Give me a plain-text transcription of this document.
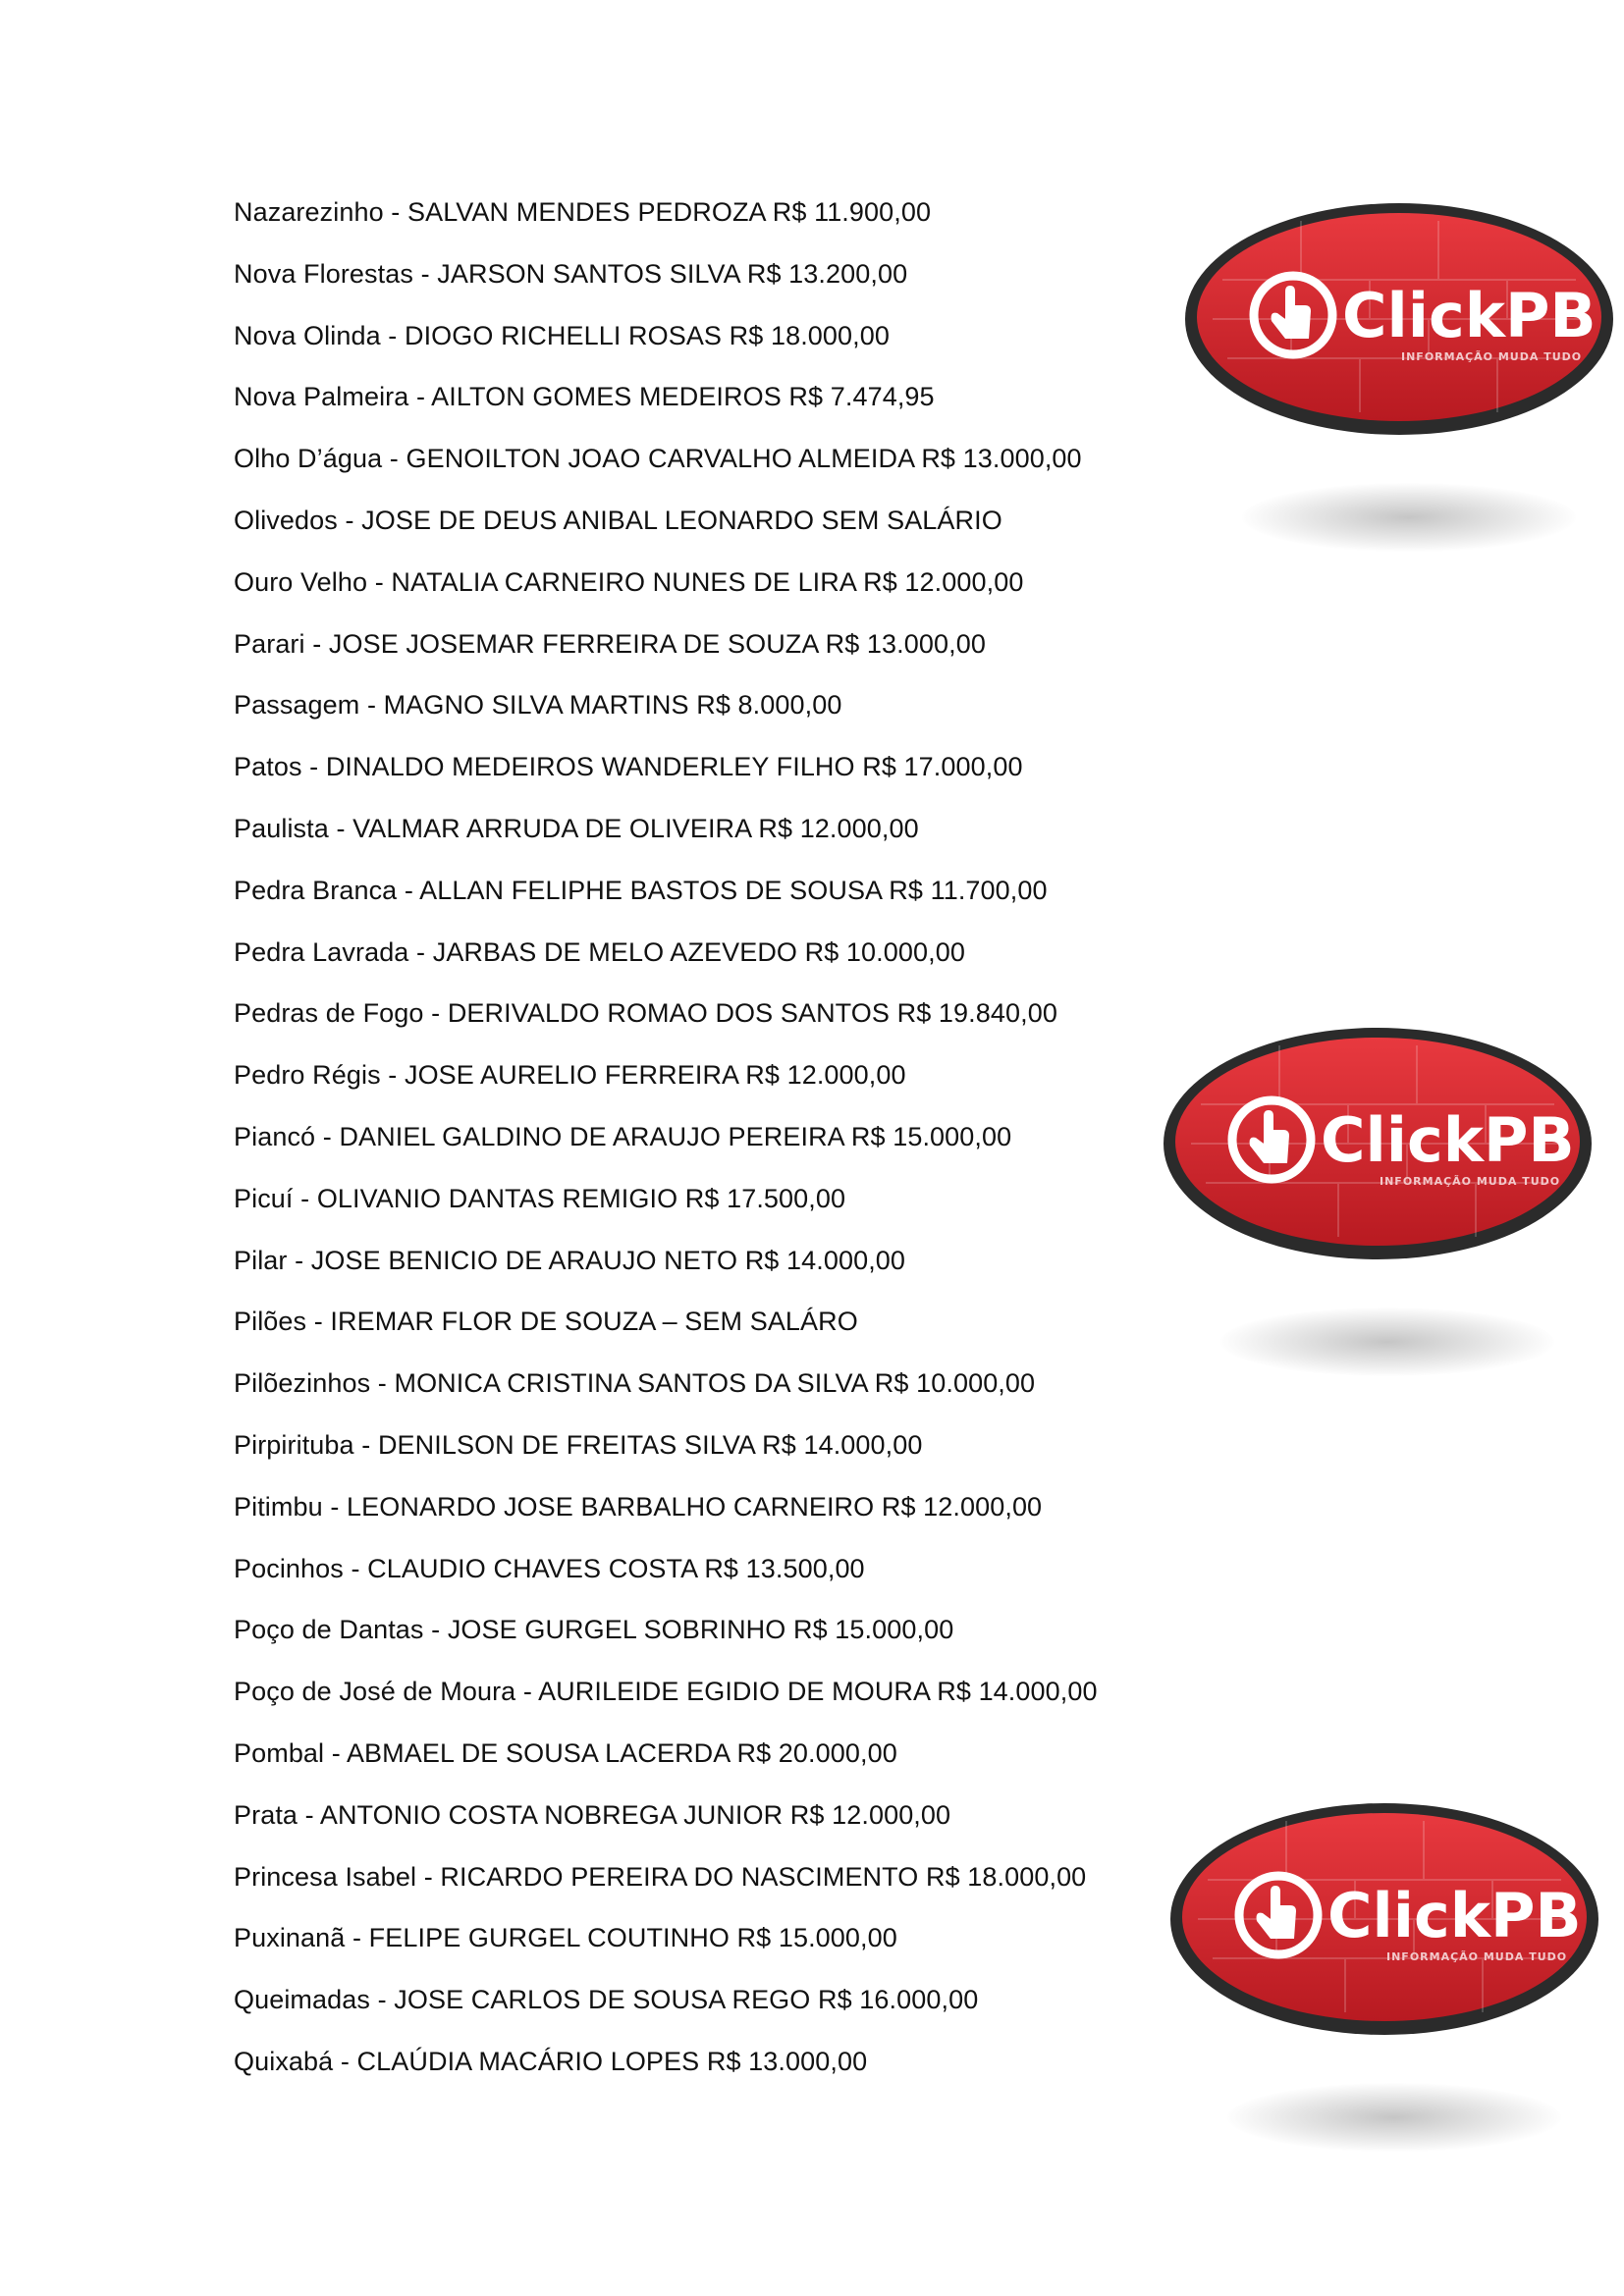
Nazarezinho - SALVAN MENDES PEDROZA R$ 11.900,00
Nova Florestas - JARSON SANTOS SILVA R$ 13.200,00
Nova Olinda - DIOGO RICHELLI ROSAS R$ 18.000,00
Nova Palmeira - AILTON GOMES MEDEIROS R$ 7.474,95
Olho D’água - GENOILTON JOAO CARVALHO ALMEIDA R$ 13.000,00
Olivedos - JOSE DE DEUS ANIBAL LEONARDO SEM SALÁRIO
Ouro Velho - NATALIA CARNEIRO NUNES DE LIRA R$ 12.000,00
Parari - JOSE JOSEMAR FERREIRA DE SOUZA R$ 13.000,00
Passagem - MAGNO SILVA MARTINS R$ 8.000,00
Patos - DINALDO MEDEIROS WANDERLEY FILHO R$ 17.000,00
Paulista - VALMAR ARRUDA DE OLIVEIRA R$ 12.000,00
Pedra Branca - ALLAN FELIPHE BASTOS DE SOUSA R$ 11.700,00
Pedra Lavrada - JARBAS DE MELO AZEVEDO R$ 10.000,00
Pedras de Fogo - DERIVALDO ROMAO DOS SANTOS R$ 19.840,00
Pedro Régis - JOSE AURELIO FERREIRA R$ 12.000,00
Piancó - DANIEL GALDINO DE ARAUJO PEREIRA R$ 15.000,00
Picuí - OLIVANIO DANTAS REMIGIO R$ 17.500,00
Pilar - JOSE BENICIO DE ARAUJO NETO R$ 14.000,00
Pilões - IREMAR FLOR DE SOUZA – SEM SALÁRO
Pilõezinhos - MONICA CRISTINA SANTOS DA SILVA R$ 10.000,00
Pirpirituba - DENILSON DE FREITAS SILVA R$ 14.000,00
Pitimbu - LEONARDO JOSE BARBALHO CARNEIRO R$ 12.000,00
Pocinhos - CLAUDIO CHAVES COSTA R$ 13.500,00
Poço de Dantas - JOSE GURGEL SOBRINHO R$ 15.000,00
Poço de José de Moura - AURILEIDE EGIDIO DE MOURA R$ 14.000,00
Pombal - ABMAEL DE SOUSA LACERDA R$ 20.000,00
Prata - ANTONIO COSTA NOBREGA JUNIOR R$ 12.000,00
Princesa Isabel - RICARDO PEREIRA DO NASCIMENTO R$ 18.000,00
Puxinanã - FELIPE GURGEL COUTINHO R$ 15.000,00
Queimadas - JOSE CARLOS DE SOUSA REGO R$ 16.000,00
Quixabá - CLAÚDIA MACÁRIO LOPES R$ 13.000,00
ClickPB
INFORMAÇÃO MUDA TUDO
ClickPB
INFORMAÇÃO MUDA TUDO
ClickPB
INFORMAÇÃO MUDA TUDO
